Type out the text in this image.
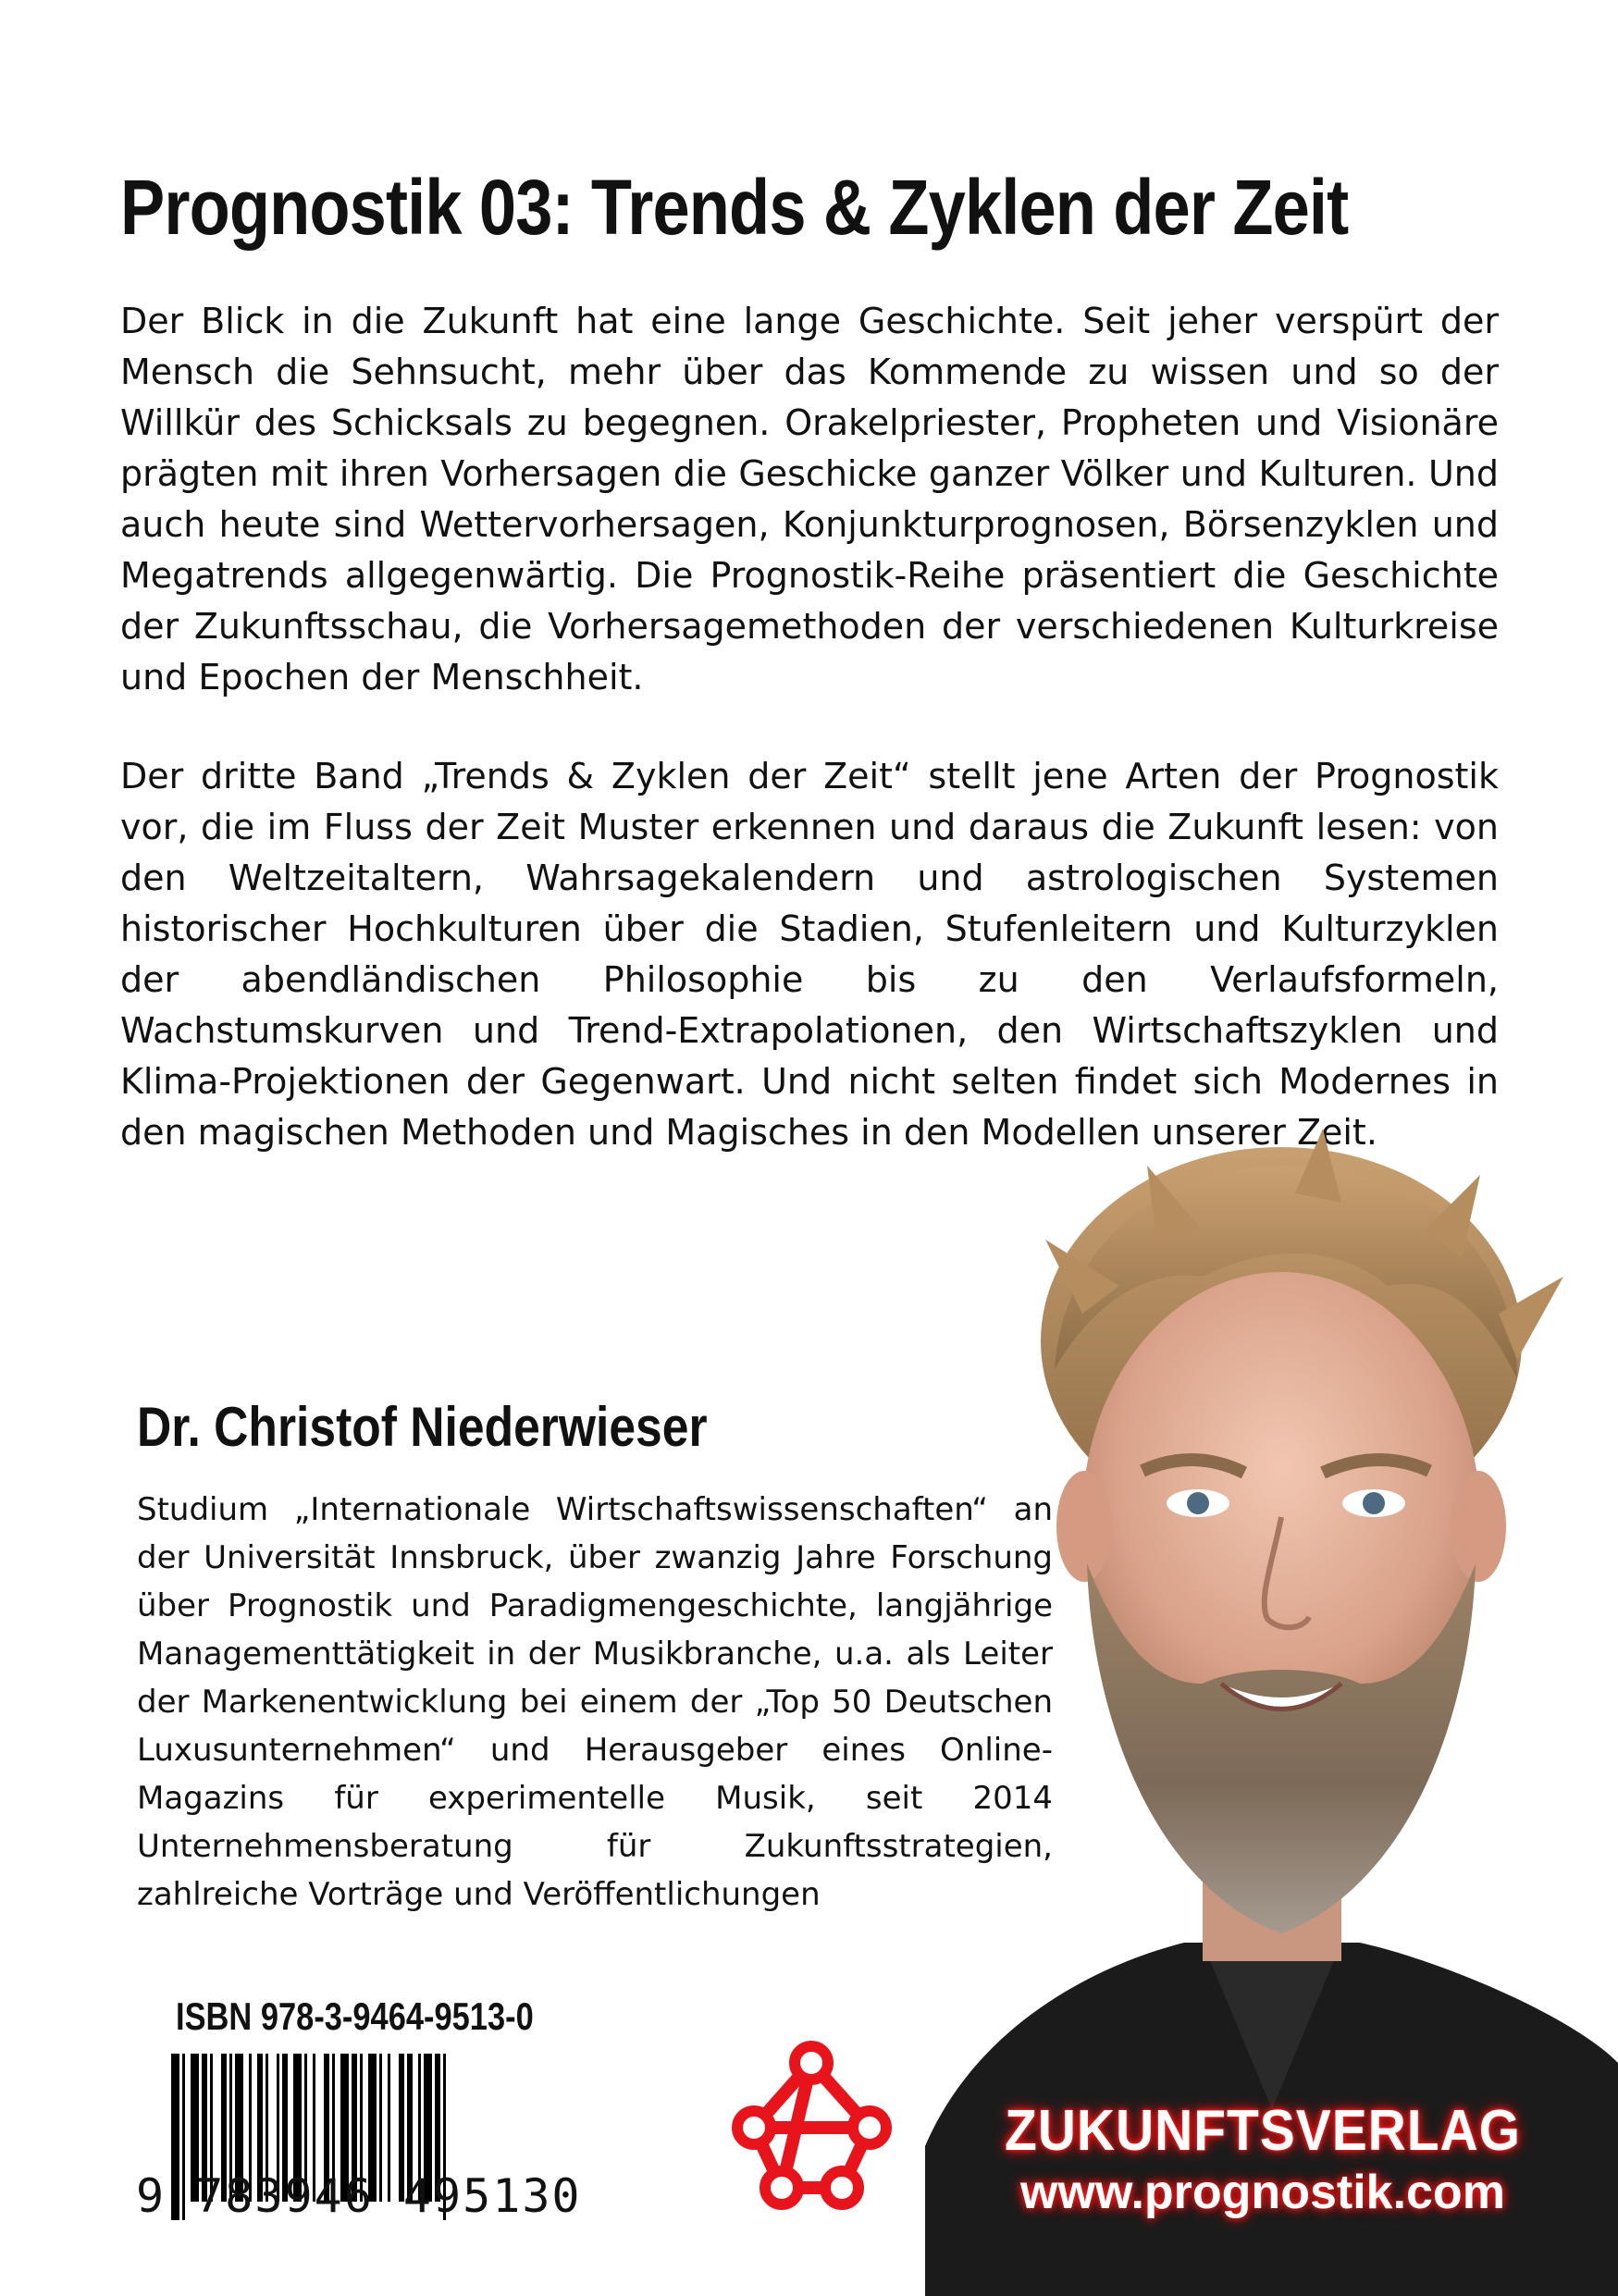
Prognostik 03: Trends & Zyklen der Zeit

Der Blick in die Zukunft hat eine lange Geschichte. Seit jeher verspürt der Mensch die Sehnsucht, mehr über das Kommende zu wissen und so der Willkür des Schicksals zu begegnen. Orakelpriester, Propheten und Visionäre prägten mit ihren Vorhersagen die Geschicke ganzer Völker und Kulturen. Und auch heute sind Wettervorhersagen, Konjunkturprognosen, Börsenzyklen und Megatrends allgegenwärtig. Die Prognostik-Reihe präsentiert die Geschichte der Zukunftsschau, die Vorhersagemethoden der verschiedenen Kulturkreise und Epochen der Menschheit.

Der dritte Band „Trends & Zyklen der Zeit“ stellt jene Arten der Prognostik vor, die im Fluss der Zeit Muster erkennen und daraus die Zukunft lesen: von den Weltzeitaltern, Wahrsagekalendern und astrologischen Systemen historischer Hochkulturen über die Stadien, Stufenleitern und Kulturzyklen der abendländischen Philosophie bis zu den Verlaufsformeln, Wachstumskurven und Trend-Extrapolationen, den Wirtschaftszyklen und Klima-Projektionen der Gegenwart. Und nicht selten findet sich Modernes in den magischen Methoden und Magisches in den Modellen unserer Zeit.

Dr. Christof Niederwieser

Studium „Internationale Wirtschaftswissenschaften“ an der Universität Innsbruck, über zwanzig Jahre Forschung über Prognostik und Paradigmengeschichte, langjährige Managementtätigkeit in der Musikbranche, u.a. als Leiter der Markenentwicklung bei einem der „Top 50 Deutschen Luxusunternehmen“ und Herausgeber eines Online-Magazins für experimentelle Musik, seit 2014 Unternehmensberatung für Zukunftsstrategien, zahlreiche Vorträge und Veröffentlichungen

ISBN 978-3-9464-9513-0
9 783946 495130
ZUKUNFTSVERLAG
www.prognostik.com
